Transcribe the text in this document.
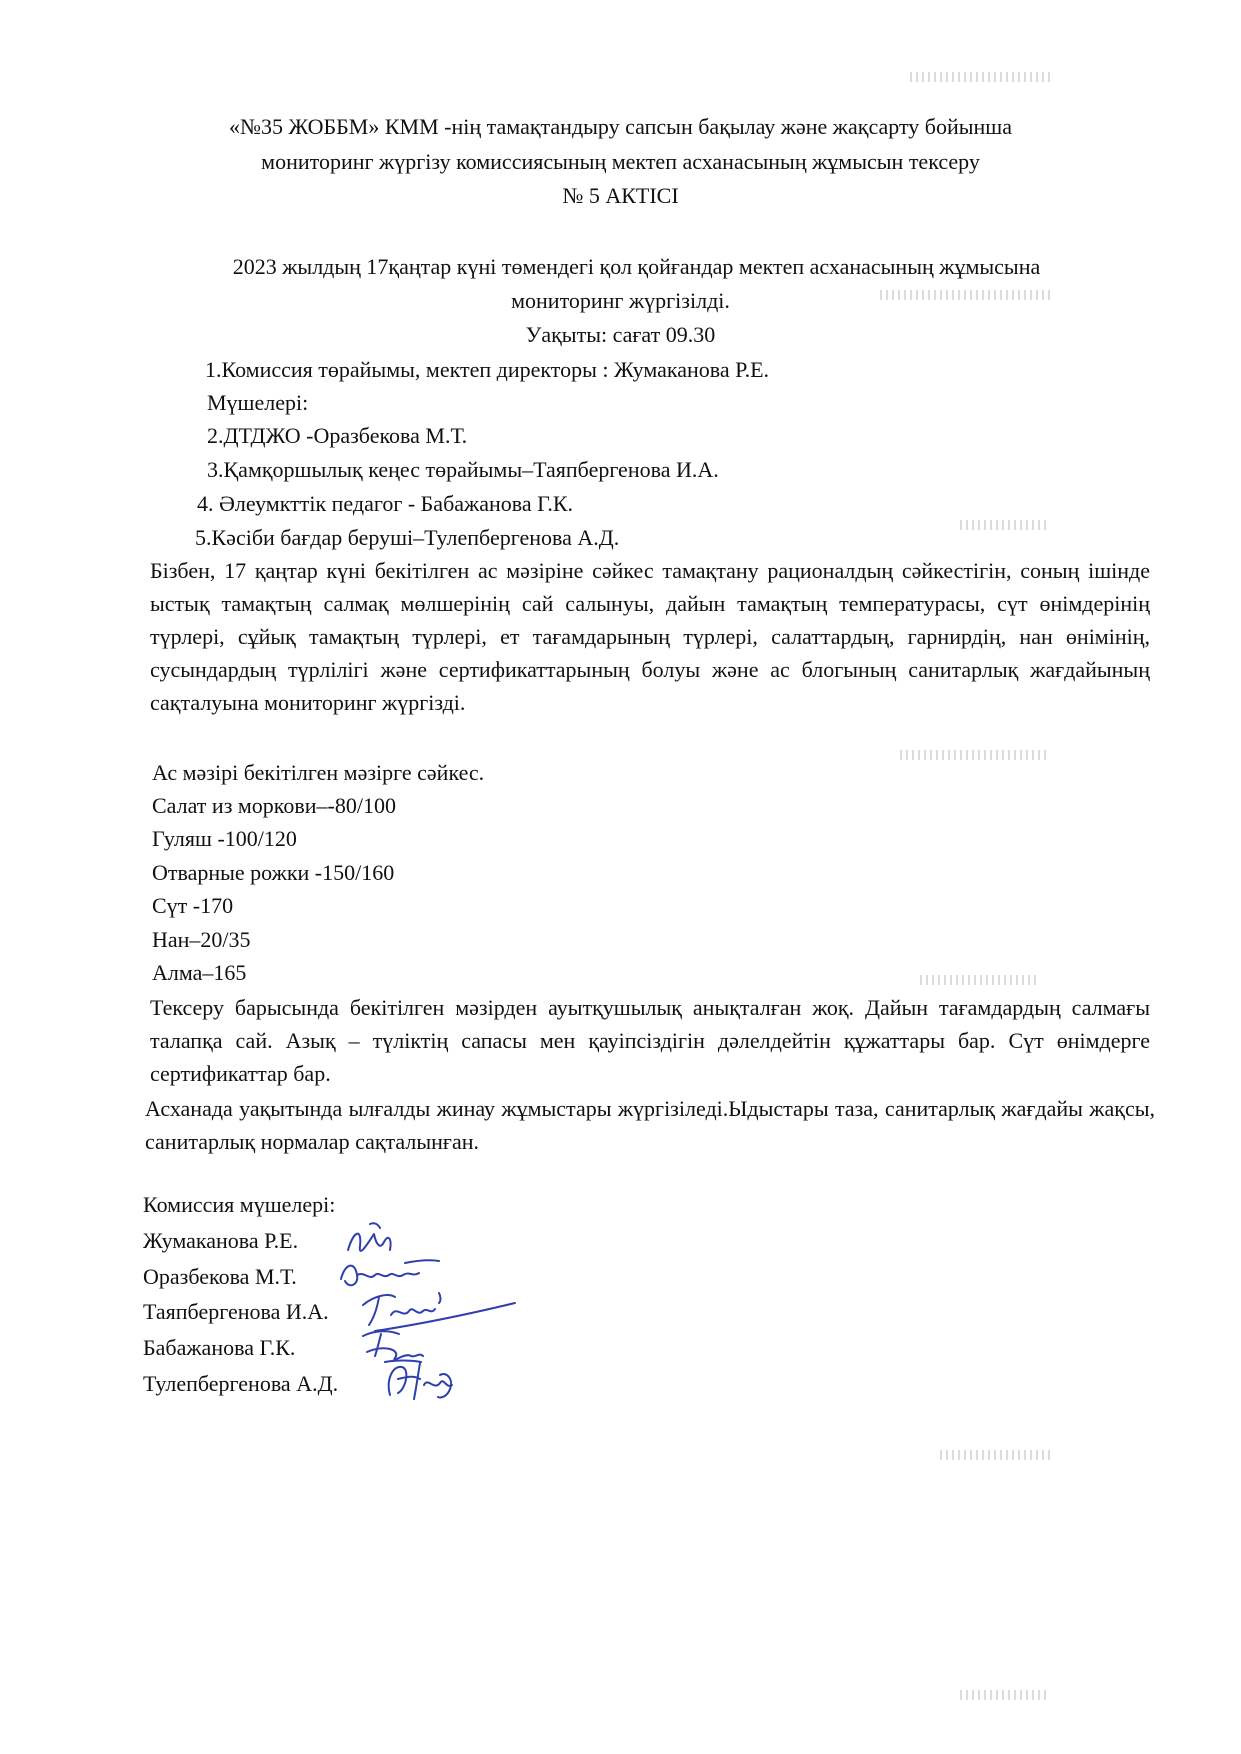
«№35 ЖОББМ» КММ -нің тамақтандыру сапсын бақылау және жақсарту бойынша
мониторинг жүргізу комиссиясының мектеп асханасының жұмысын тексеру
№ 5 АКТІСІ
2023 жылдың 17қаңтар күні төмендегі қол қойғандар мектеп асханасының жұмысына
мониторинг жүргізілді.
Уақыты: сағат 09.30
1.Комиссия төрайымы, мектеп директоры : Жумаканова Р.Е.
Мүшелері:
2.ДТДЖО -Оразбекова М.Т.
3.Қамқоршылық кеңес төрайымы–Таяпбергенова И.А.
4. Әлеумкттік педагог - Бабажанова Г.К.
5.Кәсіби бағдар беруші–Тулепбергенова А.Д.
Бізбен, 17 қаңтар күні бекітілген ас мәзіріне сәйкес тамақтану рационалдың сәйкестігін, соның ішінде ыстық тамақтың салмақ мөлшерінің сай салынуы, дайын тамақтың температурасы, сүт өнімдерінің түрлері, сұйық тамақтың түрлері, ет тағамдарының түрлері, салаттардың, гарнирдің, нан өнімінің, сусындардың түрлілігі және сертификаттарының болуы және ас блогының санитарлық жағдайының сақталуына мониторинг жүргізді.
Ас мәзірі бекітілген мәзірге сәйкес.
Салат из моркови–-80/100
Гуляш -100/120
Отварные рожки -150/160
Сүт -170
Нан–20/35
Алма–165
Тексеру барысында бекітілген мәзірден ауытқушылық анықталған жоқ. Дайын тағамдардың салмағы талапқа сай. Азық – түліктің сапасы мен қауіпсіздігін дәлелдейтін құжаттары бар. Сүт өнімдерге сертификаттар бар.
Асханада уақытында ылғалды жинау жұмыстары жүргізіледі.Ыдыстары таза, санитарлық жағдайы жақсы, санитарлық нормалар сақталынған.
Комиссия мүшелері:
Жумаканова Р.Е.
Оразбекова М.Т.
Таяпбергенова И.А.
Бабажанова Г.К.
Тулепбергенова А.Д.
